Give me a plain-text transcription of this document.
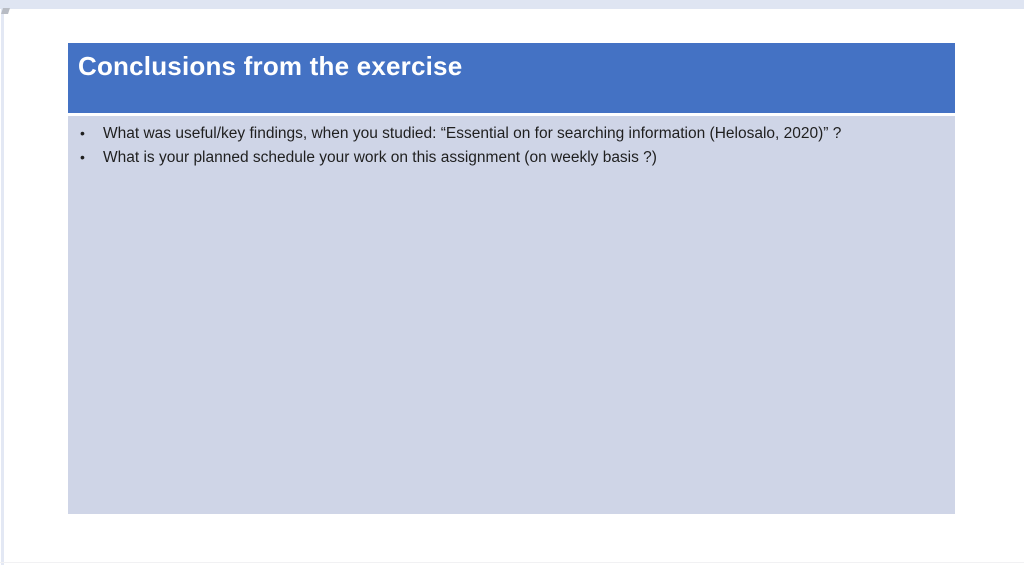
Conclusions from the exercise
•	What was useful/key findings, when you studied: “Essential on for searching information (Helosalo, 2020)” ?
•	What is your planned schedule your work on this assignment (on weekly basis ?)
